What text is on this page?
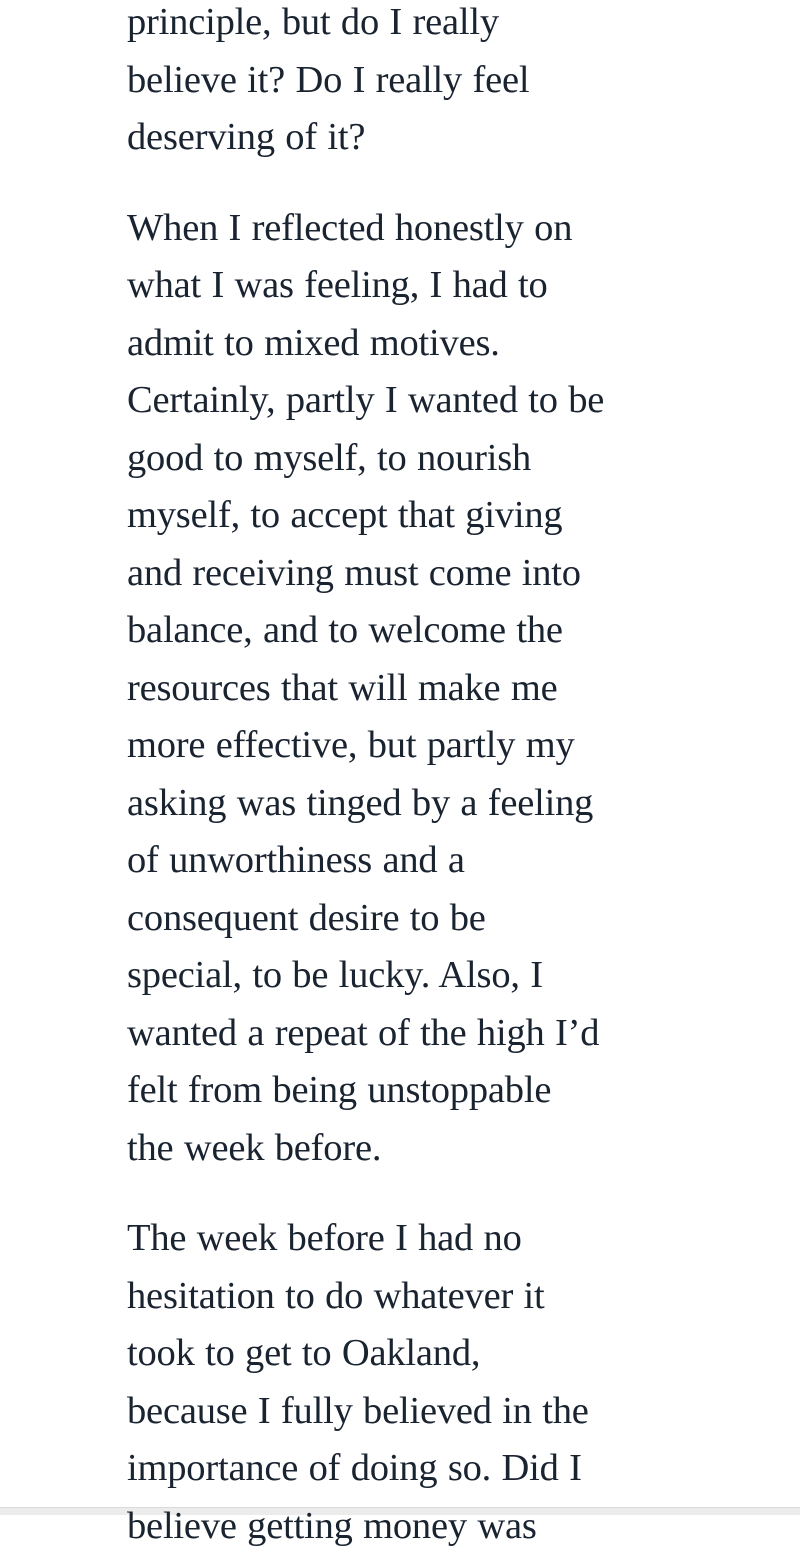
principle, but do I really
believe it? Do I really feel
deserving of it?

When I reflected honestly on
what I was feeling, I had to
admit to mixed motives.
Certainly, partly I wanted to be
good to myself, to nourish
myself, to accept that giving
and receiving must come into
balance, and to welcome the
resources that will make me
more effective, but partly my
asking was tinged by a feeling
of unworthiness and a
consequent desire to be
special, to be lucky. Also, I
wanted a repeat of the high I’d
felt from being unstoppable
the week before.

The week before I had no
hesitation to do whatever it
took to get to Oakland,
because I fully believed in the
importance of doing so. Did I
believe getting money was
